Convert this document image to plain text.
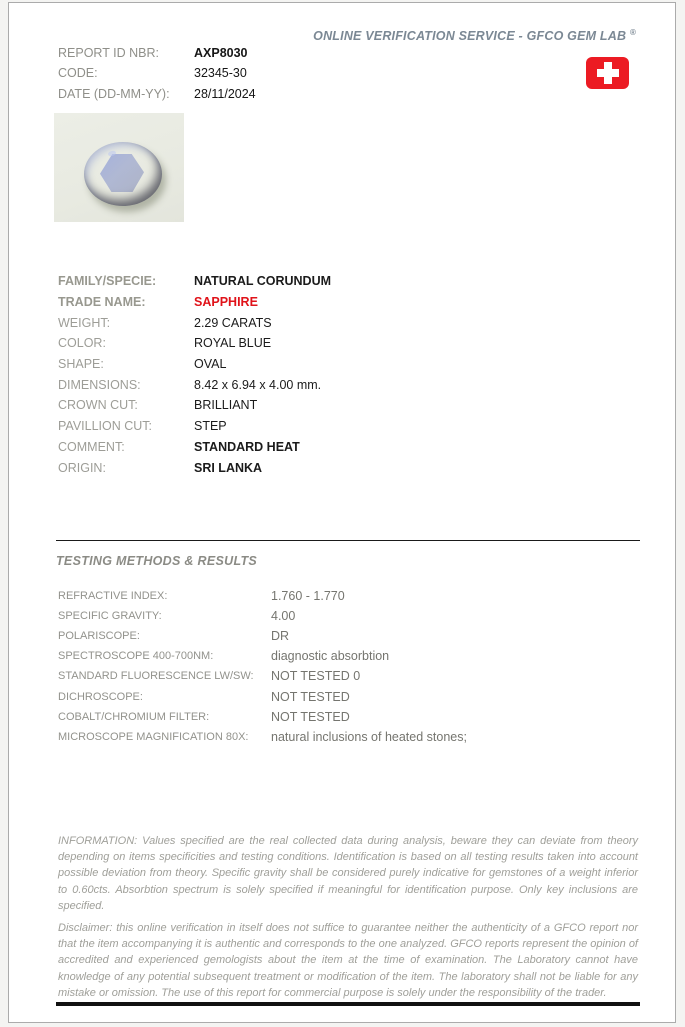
ONLINE VERIFICATION SERVICE - GFCO GEM LAB ®
REPORT ID NBR:	AXP8030
CODE:	32345-30
DATE (DD-MM-YY):	28/11/2024
FAMILY/SPECIE:	NATURAL CORUNDUM
TRADE NAME:	SAPPHIRE
WEIGHT:	2.29 CARATS
COLOR:	ROYAL BLUE
SHAPE:	OVAL
DIMENSIONS:	8.42 x 6.94 x 4.00 mm.
CROWN CUT:	BRILLIANT
PAVILLION CUT:	STEP
COMMENT:	STANDARD HEAT
ORIGIN:	SRI LANKA
TESTING METHODS & RESULTS
REFRACTIVE INDEX:	1.760 - 1.770
SPECIFIC GRAVITY:	4.00
POLARISCOPE:	DR
SPECTROSCOPE 400-700NM:	diagnostic absorbtion
STANDARD FLUORESCENCE LW/SW:	NOT TESTED 0
DICHROSCOPE:	NOT TESTED
COBALT/CHROMIUM FILTER:	NOT TESTED
MICROSCOPE MAGNIFICATION 80X:	natural inclusions of heated stones;
INFORMATION: Values specified are the real collected data during analysis, beware they can deviate from theory depending on items specificities and testing conditions. Identification is based on all testing results taken into account possible deviation from theory. Specific gravity shall be considered purely indicative for gemstones of a weight inferior to 0.60cts. Absorbtion spectrum is solely specified if meaningful for identification purpose. Only key inclusions are specified.
Disclaimer: this online verification in itself does not suffice to guarantee neither the authenticity of a GFCO report nor that the item accompanying it is authentic and corresponds to the one analyzed. GFCO reports represent the opinion of accredited and experienced gemologists about the item at the time of examination. The Laboratory cannot have knowledge of any potential subsequent treatment or modification of the item. The laboratory shall not be liable for any mistake or omission. The use of this report for commercial purpose is solely under the responsibility of the trader.
